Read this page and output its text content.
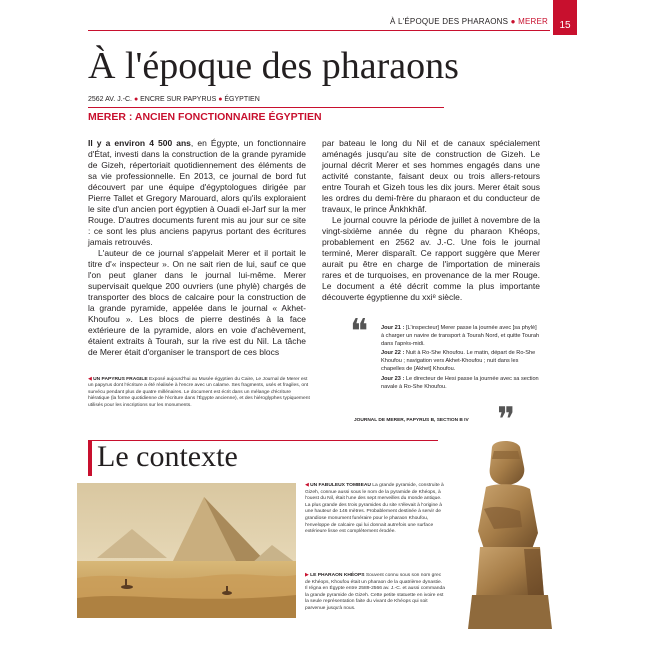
À L'ÉPOQUE DES PHARAONS ● MERER 15
À l'époque des pharaons
2562 AV. J.-C. ● ENCRE SUR PAPYRUS ● ÉGYPTIEN
MERER : ANCIEN FONCTIONNAIRE ÉGYPTIEN

Il y a environ 4 500 ans, en Égypte, un fonctionnaire d'État, investi dans la construction de la grande pyramide de Gizeh, répertoriait quotidiennement des éléments de sa vie professionnelle. En 2013, ce journal de bord fut découvert par une équipe d'égyptologues dirigée par Pierre Tallet et Gregory Marouard, alors qu'ils exploraient le site d'un ancien port égyptien à Ouadi el-Jarf sur la mer Rouge. D'autres documents furent mis au jour sur ce site : ce sont les plus anciens papyrus portant des écritures jamais retrouvés.

L'auteur de ce journal s'appelait Merer et il portait le titre d'« inspecteur ». On ne sait rien de lui, sauf ce que l'on peut glaner dans le journal lui-même. Merer supervisait quelque 200 ouvriers (une phylè) chargés de transporter des blocs de calcaire pour la construction de la grande pyramide, appelée dans le journal « Akhet-Khoufou ». Les blocs de pierre destinés à la face extérieure de la pyramide, alors en voie d'achèvement, étaient extraits à Tourah, sur la rive est du Nil. La tâche de Merer était d'organiser le transport de ces blocs

par bateau le long du Nil et de canaux spécialement aménagés jusqu'au site de construction de Gizeh. Le journal décrit Merer et ses hommes engagés dans une activité constante, faisant deux ou trois allers-retours entre Tourah et Gizeh tous les dix jours. Merer était sous les ordres du demi-frère du pharaon et du conducteur de travaux, le prince Ânkhkhâf.

Le journal couvre la période de juillet à novembre de la vingt-sixième année du règne du pharaon Khéops, probablement en 2562 av. J.-C. Une fois le journal terminé, Merer disparaît. Ce rapport suggère que Merer aurait pu être en charge de l'importation de minerais rares et de turquoises, en provenance de la mer Rouge. Le document a été décrit comme la plus importante découverte égyptienne du xxiᵉ siècle.

❝ Jour 21 : [L'inspecteur] Merer passe la journée avec [sa phylè] à charger un navire de transport à Tourah Nord, et quitte Tourah dans l'après-midi.

Jour 22 : Nuit à Ro-She Khoufou. Le matin, départ de Ro-She Khoufou ; navigation vers Akhet-Khoufou ; nuit dans les chapelles de [Akhet] Khoufou.

Jour 23 : Le directeur de Hesi passe la journée avec sa section navale à Ro-She Khoufou.

❞
JOURNAL DE MERER, PAPYRUS B, SECTION B IV
◀ UN PAPYRUS FRAGILE Exposé aujourd'hui au Musée égyptien du Caire, Le Journal de Merer est un papyrus dont l'écriture a été réalisée à l'encre avec un calame. Ses fragments, usés et fragiles, ont survécu pendant plus de quatre millénaires. Le document est écrit dans un mélange d'écriture hiératique (la forme quotidienne de l'écriture dans l'Égypte ancienne), et des hiéroglyphes typiquement utilisés pour les inscriptions sur les monuments.
Le contexte
◀ UN FABULEUX TOMBEAU La grande pyramide, construite à Gizeh, connue aussi sous le nom de la pyramide de Khéops, à l'ouest du Nil, était l'une des sept merveilles du monde antique. La plus grande des trois pyramides du site s'élevait à l'origine à une hauteur de 146 mètres. Probablement destinée à servir de grandiose monument funéraire pour le pharaon Khoufou, l'enveloppe de calcaire qui lui donnait autrefois une surface extérieure lisse est complètement érodée.
▶ LE PHARAON KHÉOPS Souvent connu sous son nom grec de Khéops, Khoufou était un pharaon de la quatrième dynastie. Il régna en Égypte entre 2589-2566 av. J.-C. et aussi commanda la grande pyramide de Gizeh. Cette petite statuette en ivoire est la seule représentation faite du vivant de Khéops qui soit parvenue jusqu'à nous.
